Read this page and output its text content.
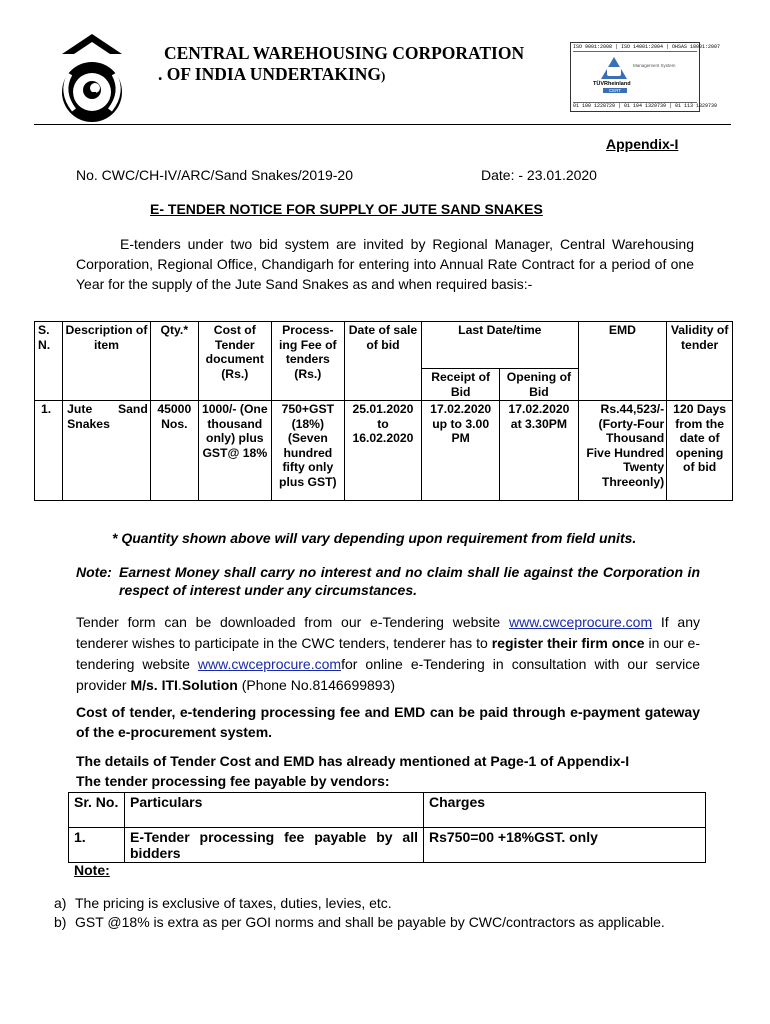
CENTRAL WAREHOUSING CORPORATION
. OF INDIA UNDERTAKING)
ISO 9001:2008 | ISO 14001:2004 | OHSAS 18001:2007
TÜVRheinland
CERT
Management System
01 100 1228729 | 01 104 1329739 | 01 113 1329739
Appendix-I
No. CWC/CH-IV/ARC/Sand Snakes/2019-20	Date: - 23.01.2020
E- TENDER NOTICE FOR SUPPLY OF JUTE SAND SNAKES
E-tenders under two bid system are invited by Regional Manager, Central Warehousing Corporation, Regional Office, Chandigarh for entering into Annual Rate Contract for a period of one Year for the supply of the Jute Sand Snakes as and when required basis:-
S. N.	Description of item	Qty.*	Cost of Tender document (Rs.)	Process-ing Fee of tenders (Rs.)	Date of sale of bid	Last Date/time		EMD	Validity of tender
						Receipt of Bid	Opening of Bid		
1.	Jute Sand Snakes	45000 Nos.	1000/- (One thousand only) plus GST@ 18%	750+GST (18%) (Seven hundred fifty only plus GST)	25.01.2020
to
16.02.2020	17.02.2020 up to 3.00 PM	17.02.2020 at 3.30PM	Rs.44,523/- (Forty-Four Thousand Five Hundred Twenty Threeonly)	120 Days from the date of opening of bid
* Quantity shown above will vary depending upon requirement from field units.
Note: Earnest Money shall carry no interest and no claim shall lie against the Corporation in respect of interest under any circumstances.
Tender form can be downloaded from our e-Tendering website www.cwceprocure.com If any tenderer wishes to participate in the CWC tenders, tenderer has to register their firm once in our e-tendering website www.cwceprocure.comfor online e-Tendering in consultation with our service provider M/s. ITI.Solution (Phone No.8146699893)
Cost of tender, e-tendering processing fee and EMD can be paid through e-payment gateway of the e-procurement system.
The details of Tender Cost and EMD has already mentioned at Page-1 of Appendix-I
The tender processing fee payable by vendors:
Sr. No.	Particulars	Charges
1.	E-Tender processing fee payable by all bidders	Rs750=00 +18%GST. only
Note:
a) The pricing is exclusive of taxes, duties, levies, etc.
b) GST @18% is extra as per GOI norms and shall be payable by CWC/contractors as applicable.
